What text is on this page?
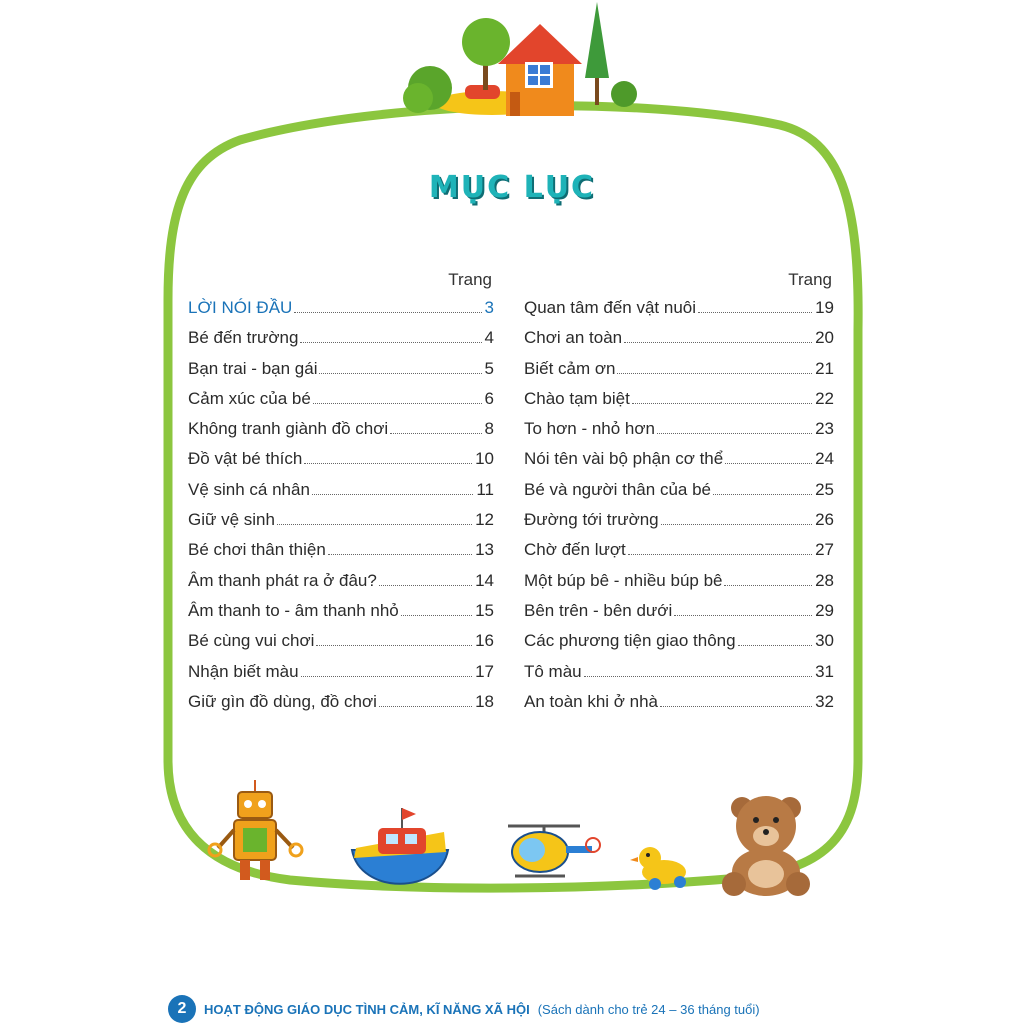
MỤC LỤC
Trang
LỜI NÓI ĐẦU	3
Bé đến trường	4
Bạn trai - bạn gái	5
Cảm xúc của bé	6
Không tranh giành đồ chơi	8
Đồ vật bé thích	10
Vệ sinh cá nhân	11
Giữ vệ sinh	12
Bé chơi thân thiện	13
Âm thanh phát ra ở đâu?	14
Âm thanh to - âm thanh nhỏ	15
Bé cùng vui chơi	16
Nhận biết màu	17
Giữ gìn đồ dùng, đồ chơi	18
Trang
Quan tâm đến vật nuôi	19
Chơi an toàn	20
Biết cảm ơn	21
Chào tạm biệt	22
To hơn - nhỏ hơn	23
Nói tên vài bộ phận cơ thể	24
Bé và người thân của bé	25
Đường tới trường	26
Chờ đến lượt	27
Một búp bê - nhiều búp bê	28
Bên trên - bên dưới	29
Các phương tiện giao thông	30
Tô màu	31
An toàn khi ở nhà	32
2	HOẠT ĐỘNG GIÁO DỤC TÌNH CẢM, KĨ NĂNG XÃ HỘI (Sách dành cho trẻ 24 – 36 tháng tuổi)
